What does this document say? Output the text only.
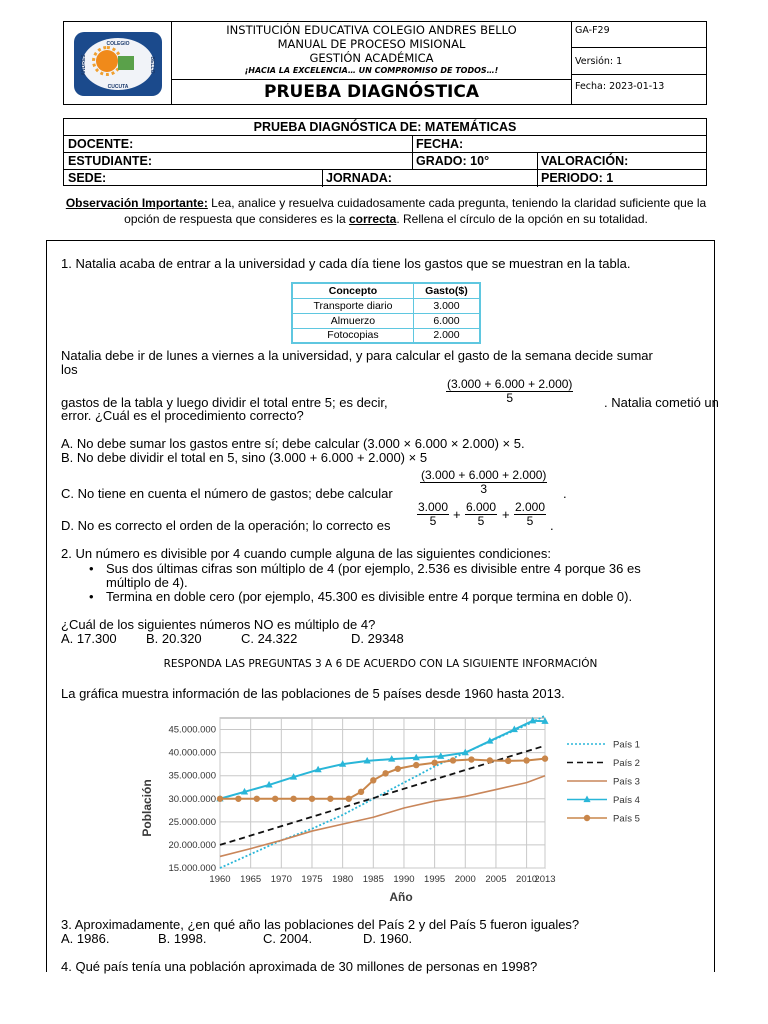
COLEGIO
CUCUTA
ANDRES	BELLO
INSTITUCIÓN EDUCATIVA COLEGIO ANDRES BELLO
MANUAL DE PROCESO MISIONAL
GESTIÓN ACADÉMICA
¡HACIA LA EXCELENCIA… UN COMPROMISO DE TODOS…!
PRUEBA DIAGNÓSTICA
GA-F29
Versión: 1
Fecha: 2023-01-13
PRUEBA DIAGNÓSTICA DE: MATEMÁTICAS
DOCENTE:	FECHA:
ESTUDIANTE:	GRADO: 10°	VALORACIÓN:
SEDE:	JORNADA:	PERIODO: 1
Observación Importante: Lea, analice y resuelva cuidadosamente cada pregunta, teniendo la claridad suficiente que la
opción de respuesta que consideres es la correcta. Rellena el círculo de la opción en su totalidad.
1. Natalia acaba de entrar a la universidad y cada día tiene los gastos que se muestran en la tabla.
Concepto	Gasto($)
Transporte diario	3.000
Almuerzo	6.000
Fotocopias	2.000
Natalia debe ir de lunes a viernes a la universidad, y para calcular el gasto de la semana decide sumar
los
gastos de la tabla y luego dividir el total entre 5; es decir,	$\frac{(3.000 + 6.000 + 2.000)}{5}$ . Natalia cometió un
error. ¿Cuál es el procedimiento correcto?
A. No debe sumar los gastos entre sí; debe calcular (3.000 × 6.000 × 2.000) × 5.
B. No debe dividir el total en 5, sino (3.000 + 6.000 + 2.000) × 5
C. No tiene en cuenta el número de gastos; debe calcular $\frac{(3.000 + 6.000 + 2.000)}{3}$ .
D. No es correcto el orden de la operación; lo correcto es $\frac{3.000}{5} + \frac{6.000}{5} + \frac{2.000}{5}$ .
2. Un número es divisible por 4 cuando cumple alguna de las siguientes condiciones:
• Sus dos últimas cifras son múltiplo de 4 (por ejemplo, 2.536 es divisible entre 4 porque 36 es
múltiplo de 4).
• Termina en doble cero (por ejemplo, 45.300 es divisible entre 4 porque termina en doble 0).
¿Cuál de los siguientes números NO es múltiplo de 4?
A. 17.300 B. 20.320	C. 24.322	D. 29348
RESPONDA LAS PREGUNTAS 3 A 6 DE ACUERDO CON LA SIGUIENTE INFORMACIÓN
La gráfica muestra información de las poblaciones de 5 países desde 1960 hasta 2013.
15.000.000
20.000.000
25.000.000
30.000.000
35.000.000
40.000.000
45.000.000
1960 1965 1970 1975 1980 1985 1990 1995 2000 2005 2010
2013
País 1
País 2
País 3
País 4
País 5
Población
Año
3. Aproximadamente, ¿en qué año las poblaciones del País 2 y del País 5 fueron iguales?
A. 1986.	B. 1998.	C. 2004.	D. 1960.
4. Qué país tenía una población aproximada de 30 millones de personas en 1998?
